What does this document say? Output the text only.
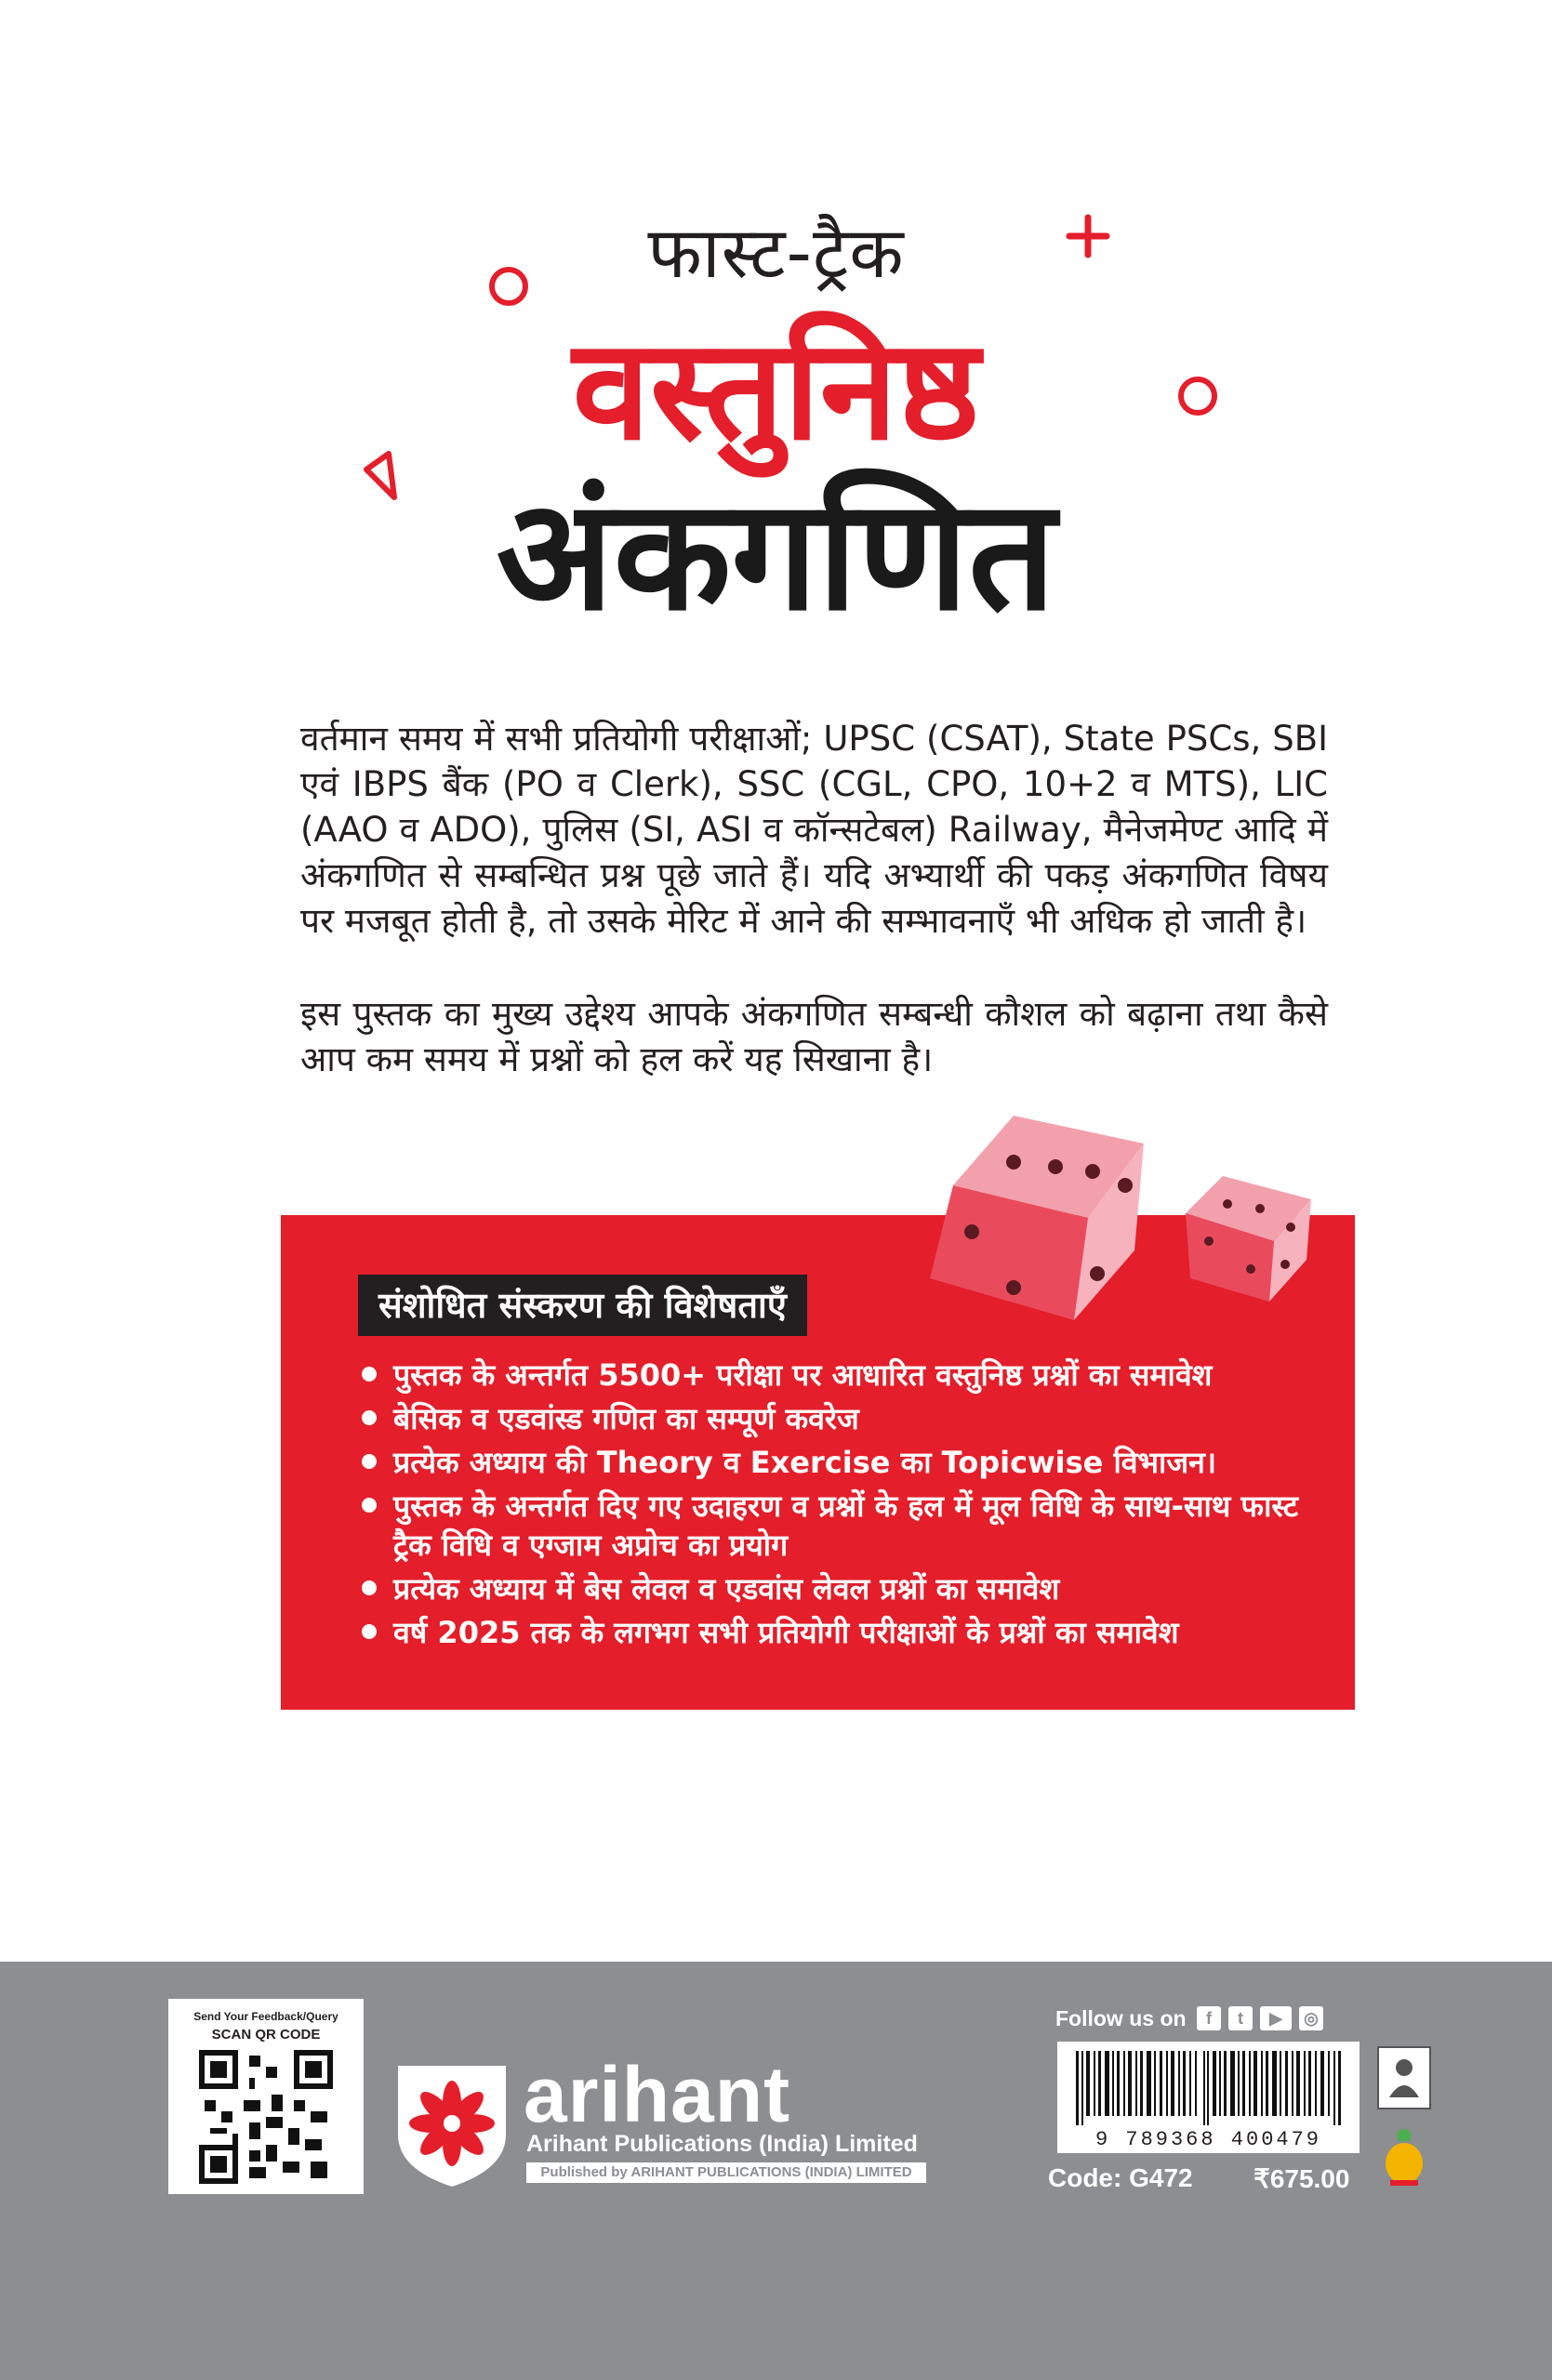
फास्ट-ट्रैक
वस्तुनिष्ठ
अंकगणित
वर्तमान समय में सभी प्रतियोगी परीक्षाओं; UPSC (CSAT), State PSCs, SBI एवं IBPS बैंक (PO व Clerk), SSC (CGL, CPO, 10+2 व MTS), LIC (AAO व ADO), पुलिस (SI, ASI व कॉन्सटेबल) Railway, मैनेजमेण्ट आदि में अंकगणित से सम्बन्धित प्रश्न पूछे जाते हैं। यदि अभ्यार्थी की पकड़ अंकगणित विषय पर मजबूत होती है, तो उसके मेरिट में आने की सम्भावनाएँ भी अधिक हो जाती है।
इस पुस्तक का मुख्य उद्देश्य आपके अंकगणित सम्बन्धी कौशल को बढ़ाना तथा कैसे आप कम समय में प्रश्नों को हल करें यह सिखाना है।
संशोधित संस्करण की विशेषताएँ
पुस्तक के अन्तर्गत 5500+ परीक्षा पर आधारित वस्तुनिष्ठ प्रश्नों का समावेश
बेसिक व एडवांस्ड गणित का सम्पूर्ण कवरेज
प्रत्येक अध्याय की Theory व Exercise का Topicwise विभाजन।
पुस्तक के अन्तर्गत दिए गए उदाहरण व प्रश्नों के हल में मूल विधि के साथ-साथ फास्ट ट्रैक विधि व एग्जाम अप्रोच का प्रयोग
प्रत्येक अध्याय में बेस लेवल व एडवांस लेवल प्रश्नों का समावेश
वर्ष 2025 तक के लगभग सभी प्रतियोगी परीक्षाओं के प्रश्नों का समावेश
Send Your Feedback/Query
SCAN QR CODE
arihant
Arihant Publications (India) Limited
Published by ARIHANT PUBLICATIONS (INDIA) LIMITED
Follow us on	f	t	▶	◎
9 789368 400479
Code: G472 ₹675.00
